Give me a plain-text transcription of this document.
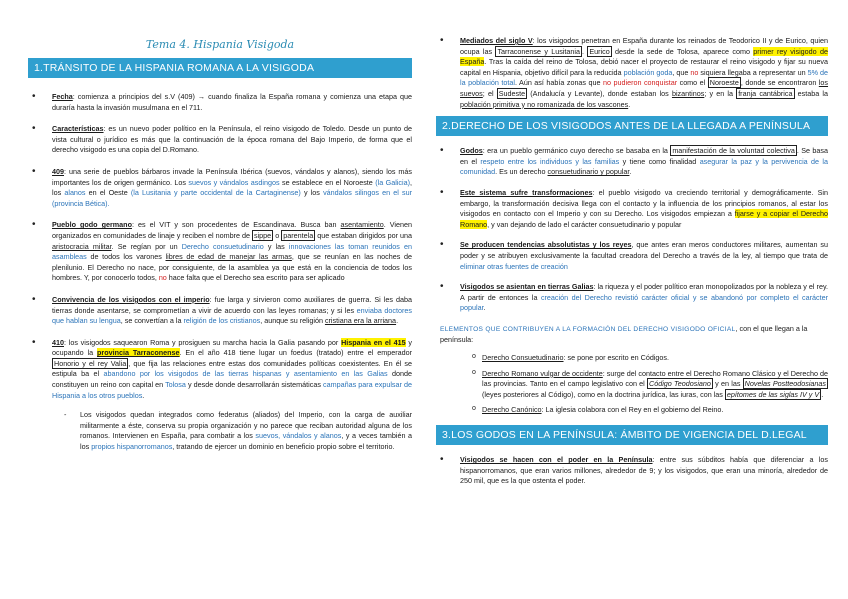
Tema 4. Hispania Visigoda
1.TRÁNSITO DE LA HISPANIA ROMANA A LA VISIGODA
• Fecha: comienza a principios del s.V (409) → cuando finaliza la España romana y comienza una etapa que duraría hasta la invasión musulmana en el 711.
• Características: es un nuevo poder político en la Península, el reino visigodo de Toledo. Desde un punto de vista cultural o jurídico es más que la continuación de la época romana del Bajo Imperio, de forma que el derecho visigodo es una copia del D.Romano.
• 409: una serie de pueblos bárbaros invade la Península Ibérica (suevos, vándalos y alanos), siendo los más importantes los de origen germánico. Los suevos y vándalos asdingos se establece en el Noroeste (la Galicia), los alanos en el Oeste (la Lusitania y parte occidental de la Cartaginense) y los vándalos silingos en el sur (provincia Bética).
• Pueblo godo germano: es el VIT y son procedentes de Escandinava. Busca ban asentamiento. Vienen organizados en comunidades de linaje y reciben el nombre de sippe o parentela que estaban dirigidos por una aristocracia militar. Se regían por un Derecho consuetudinario y las innovaciones las toman reunidos en asambleas de todos los varones libres de edad de manejar las armas, que se reunían en las noches de plenilunio. El Derecho no nace, por consiguiente, de la asamblea ya que está en la conciencia de todos los hombres. Y, por conocerlo todos, no hace falta que el Derecho sea escrito para ser aplicado
• Convivencia de los visigodos con el imperio: fue larga y sirvieron como auxiliares de guerra. Si les daba tierras donde asentarse, se comprometían a vivir de acuerdo con las leyes romanas; y si les enviaba doctores que hablan su lengua, se convertían a la religión de los cristianos, aunque su religión cristiana era la arriana.
• 410: los visigodos saquearon Roma y prosiguen su marcha hacia la Galia pasando por Hispania en el 415 y ocupando la provincia Tarraconense. En el año 418 tiene lugar un foedus (tratado) entre el emperador Honorio y el rey Valia , que fija las relaciones entre estas dos comunidades políticas coexistentes. En él se estipula ba el abandono por los visigodos de las tierras hispanas y asentamiento en las Galias donde constituyen un reino con capital en Tolosa y desde donde desarrollarán sistemáticas campañas para expulsar de Hispania a los otros pueblos.
- Los visigodos quedan integrados como federatus (aliados) del Imperio, con la carga de auxiliar militarmente a éste, conserva su propia organización y no parece que reciban autoridad alguna de los romanos. Intervienen en España, para combatir a los suevos, vándalos y alanos, y a veces también a los propios hispanorromanos, tratando de ejercer un dominio en beneficio propio sobre el territorio.
• Mediados del siglo V: los visigodos penetran en España durante los reinados de Teodorico II y de Eurico, quien ocupa las Tarraconense y Lusitania . Eurico desde la sede de Tolosa, aparece como primer rey visigodo de España. Tras la caída del reino de Tolosa, debió nacer el proyecto de restaurar el reino visigodo y fijar su nueva capital en Hispania, objetivo difícil para la reducida población goda, que no siquiera llegaba a representar un 5% de la población total. Aún así había zonas que no pudieron conquistar como el Noroeste , donde se encontraron los suevos; el Sudeste (Andalucía y Levante), donde estaban los bizantinos; y en la franja cantábrica estaba la población primitiva y no romanizada de los vascones.
2.DERECHO DE LOS VISIGODOS ANTES DE LA LLEGADA A PENÍNSULA
• Godos: era un pueblo germánico cuyo derecho se basaba en la manifestación de la voluntad colectiva . Se basa en el respeto entre los individuos y las familias y tiene como finalidad asegurar la paz y la pervivencia de la comunidad. Es un derecho consuetudinario y popular.
• Este sistema sufre transformaciones: el pueblo visigodo va creciendo territorial y demográficamente. Sin embargo, la transformación decisiva llega con el contacto y la influencia de los principios romanos, al estar los visigodos en contacto con el Imperio y con su Derecho. Los visigodos empiezan a fijarse y a copiar el Derecho Romano, y van dejando de lado el carácter consuetudinario y popular
• Se producen tendencias absolutistas y los reyes, que antes eran meros conductores militares, aumentan su poder y se atribuyen exclusivamente la facultad creadora del Derecho a través de la ley, al tiempo que trata de eliminar otras fuentes de creación
• Visigodos se asientan en tierras Galias: la riqueza y el poder político eran monopolizados por la nobleza y el rey. A partir de entonces la creación del Derecho revistió carácter oficial y se abandonó por completo el carácter popular.
ELEMENTOS QUE CONTRIBUYEN A LA FORMACIÓN DEL DERECHO VISIGODO OFICIAL, con el que llegan a la península:
o Derecho Consuetudinario: se pone por escrito en Códigos.
o Derecho Romano vulgar de occidente: surge del contacto entre el Derecho Romano Clásico y el Derecho de las provincias. Tanto en el campo legislativo con el Código Teodosiano y en las Novelas Postteodosianas (leyes posteriores al Código), como en la doctrina jurídica, las iuras, con las epítomes de las siglas IV y V .
o Derecho Canónico: La iglesia colabora con el Rey en el gobierno del Reino.
3.LOS GODOS EN LA PENÍNSULA: ÁMBITO DE VIGENCIA DEL D.LEGAL
• Visigodos se hacen con el poder en la Península: entre sus súbditos había que diferenciar a los hispanorromanos, que eran varios millones, alrededor de 9; y los visigodos, que eran una minoría, alrededor de 250 mil, que es la que ostenta el poder.
